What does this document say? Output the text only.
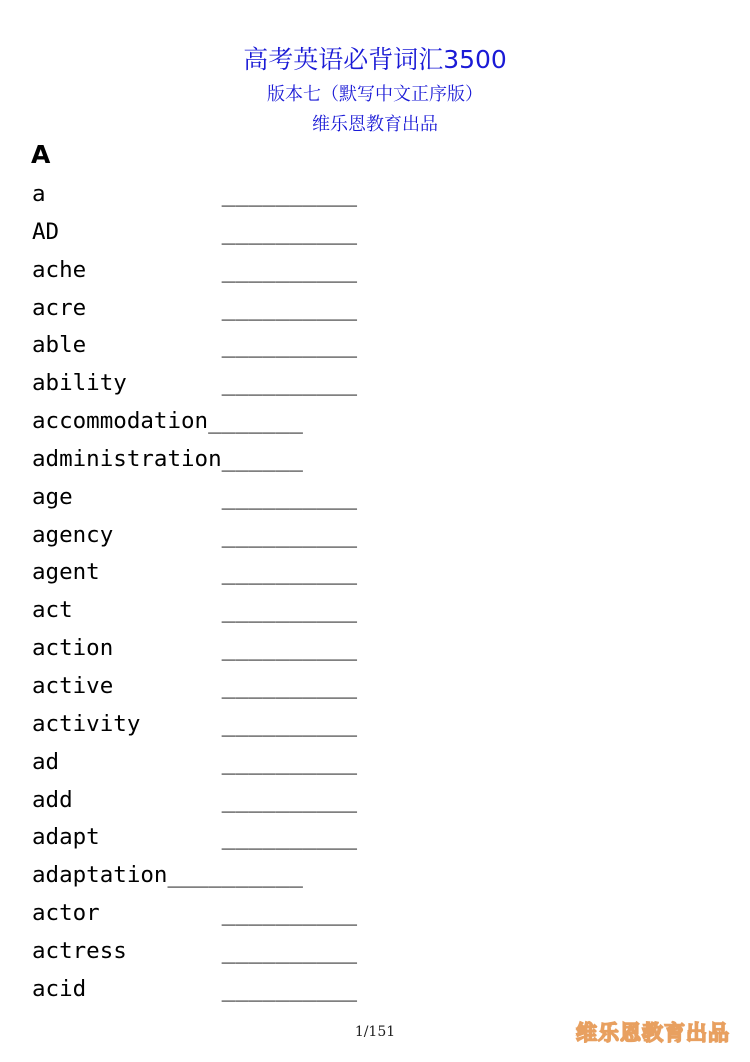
高考英语必背词汇3500
版本七（默写中文正序版）
维乐恩教育出品
A
a             __________
AD            __________
ache          __________
acre          __________
able          __________
ability       __________
accommodation_______
administration______
age           __________
agency        __________
agent         __________
act           __________
action        __________
active        __________
activity      __________
ad            __________
add           __________
adapt         __________
adaptation__________
actor         __________
actress       __________
acid          __________
1/151	维乐恩教育出品
